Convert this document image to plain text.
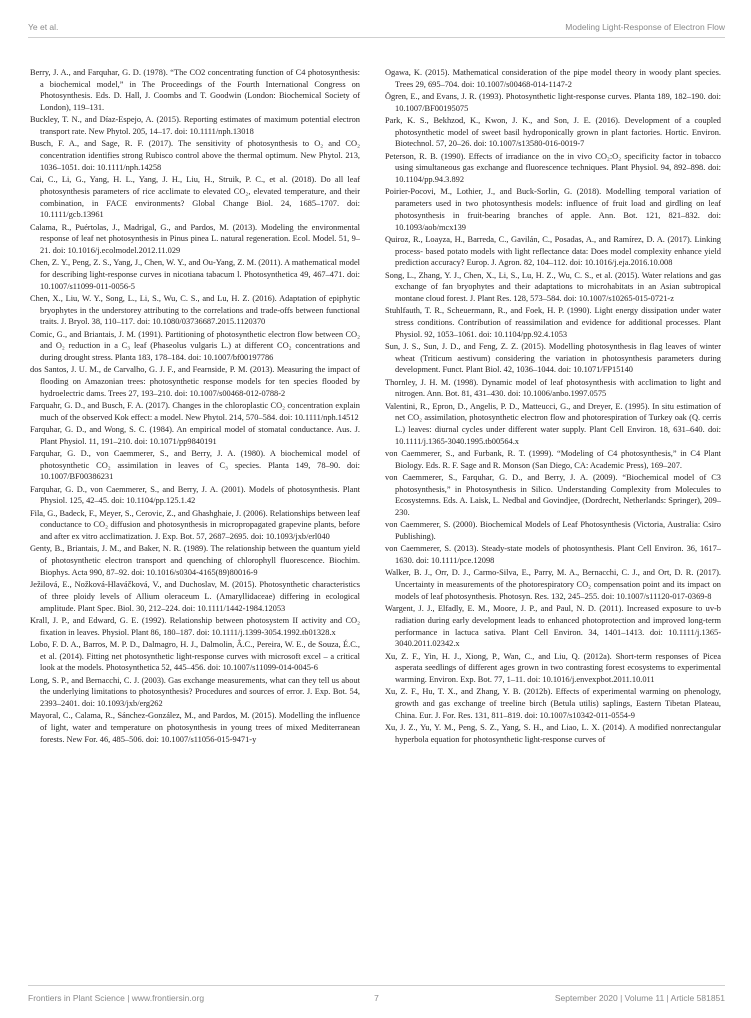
Ye et al.	Modeling Light-Response of Electron Flow

Berry, J. A., and Farquhar, G. D. (1978). “The CO2 concentrating function of C4 photosynthesis: a biochemical model,” in The Proceedings of the Fourth International Congress on Photosynthesis. Eds. D. Hall, J. Coombs and T. Goodwin (London: Biochemical Society of London), 119–131.

Buckley, T. N., and Díaz-Espejo, A. (2015). Reporting estimates of maximum potential electron transport rate. New Phytol. 205, 14–17. doi: 10.1111/nph.13018

Busch, F. A., and Sage, R. F. (2017). The sensitivity of photosynthesis to O₂ and CO₂ concentration identifies strong Rubisco control above the thermal optimum. New Phytol. 213, 1036–1051. doi: 10.1111/nph.14258

Cai, C., Li, G., Yang, H. L., Yang, J. H., Liu, H., Struik, P. C., et al. (2018). Do all leaf photosynthesis parameters of rice acclimate to elevated CO₂, elevated temperature, and their combination, in FACE environments? Global Change Biol. 24, 1685–1707. doi: 10.1111/gcb.13961

Calama, R., Puértolas, J., Madrigal, G., and Pardos, M. (2013). Modeling the environmental response of leaf net photosynthesis in Pinus pinea L. natural regeneration. Ecol. Model. 51, 9–21. doi: 10.1016/j.ecolmodel.2012.11.029

Chen, Z. Y., Peng, Z. S., Yang, J., Chen, W. Y., and Ou-Yang, Z. M. (2011). A mathematical model for describing light-response curves in nicotiana tabacum l. Photosynthetica 49, 467–471. doi: 10.1007/s11099-011-0056-5

Chen, X., Liu, W. Y., Song, L., Li, S., Wu, C. S., and Lu, H. Z. (2016). Adaptation of epiphytic bryophytes in the understorey attributing to the correlations and trade-offs between functional traits. J. Bryol. 38, 110–117. doi: 10.1080/03736687.2015.1120370

Comic, G., and Briantais, J. M. (1991). Partitioning of photosynthetic electron flow between CO₂ and O₂ reduction in a C₃ leaf (Phaseolus vulgaris L.) at different CO₂ concentrations and during drought stress. Planta 183, 178–184. doi: 10.1007/bf00197786

dos Santos, J. U. M., de Carvalho, G. J. F., and Fearnside, P. M. (2013). Measuring the impact of flooding on Amazonian trees: photosynthetic response models for ten species flooded by hydroelectric dams. Trees 27, 193–210. doi: 10.1007/s00468-012-0788-2

Farquahr, G. D., and Busch, F. A. (2017). Changes in the chloroplastic CO₂ concentration explain much of the observed Kok effect: a model. New Phytol. 214, 570–584. doi: 10.1111/nph.14512

Farquhar, G. D., and Wong, S. C. (1984). An empirical model of stomatal conductance. Aus. J. Plant Physiol. 11, 191–210. doi: 10.1071/pp9840191

Farquhar, G. D., von Caemmerer, S., and Berry, J. A. (1980). A biochemical model of photosynthetic CO₂ assimilation in leaves of C₃ species. Planta 149, 78–90. doi: 10.1007/BF00386231

Farquhar, G. D., von Caemmerer, S., and Berry, J. A. (2001). Models of photosynthesis. Plant Physiol. 125, 42–45. doi: 10.1104/pp.125.1.42

Fila, G., Badeck, F., Meyer, S., Cerovic, Z., and Ghashghaie, J. (2006). Relationships between leaf conductance to CO₂ diffusion and photosynthesis in micropropagated grapevine plants, before and after ex vitro acclimatization. J. Exp. Bot. 57, 2687–2695. doi: 10.1093/jxb/erl040

Genty, B., Briantais, J. M., and Baker, N. R. (1989). The relationship between the quantum yield of photosynthetic electron transport and quenching of chlorophyll fluorescence. Biochim. Biophys. Acta 990, 87–92. doi: 10.1016/s0304-4165(89)80016-9

Ježilová, E., Nožková-Hlaváčková, V., and Duchoslav, M. (2015). Photosynthetic characteristics of three ploidy levels of Allium oleraceum L. (Amaryllidaceae) differing in ecological amplitude. Plant Spec. Biol. 30, 212–224. doi: 10.1111/1442-1984.12053

Krall, J. P., and Edward, G. E. (1992). Relationship between photosystem II activity and CO₂ fixation in leaves. Physiol. Plant 86, 180–187. doi: 10.1111/j.1399-3054.1992.tb01328.x

Lobo, F. D. A., Barros, M. P. D., Dalmagro, H. J., Dalmolin, Â.C., Pereira, W. E., de Souza, É.C., et al. (2014). Fitting net photosynthetic light-response curves with microsoft excel – a critical look at the models. Photosynthetica 52, 445–456. doi: 10.1007/s11099-014-0045-6

Long, S. P., and Bernacchi, C. J. (2003). Gas exchange measurements, what can they tell us about the underlying limitations to photosynthesis? Procedures and sources of error. J. Exp. Bot. 54, 2393–2401. doi: 10.1093/jxb/erg262

Mayoral, C., Calama, R., Sánchez-González, M., and Pardos, M. (2015). Modelling the influence of light, water and temperature on photosynthesis in young trees of mixed Mediterranean forests. New For. 46, 485–506. doi: 10.1007/s11056-015-9471-y

Ogawa, K. (2015). Mathematical consideration of the pipe model theory in woody plant species. Trees 29, 695–704. doi: 10.1007/s00468-014-1147-2

Ögren, E., and Evans, J. R. (1993). Photosynthetic light-response curves. Planta 189, 182–190. doi: 10.1007/BF00195075

Park, K. S., Bekhzod, K., Kwon, J. K., and Son, J. E. (2016). Development of a coupled photosynthetic model of sweet basil hydroponically grown in plant factories. Hortic. Environ. Biotechnol. 57, 20–26. doi: 10.1007/s13580-016-0019-7

Peterson, R. B. (1990). Effects of irradiance on the in vivo CO₂:O₂ specificity factor in tobacco using simultaneous gas exchange and fluorescence techniques. Plant Physiol. 94, 892–898. doi: 10.1104/pp.94.3.892

Poirier-Pocovi, M., Lothier, J., and Buck-Sorlin, G. (2018). Modelling temporal variation of parameters used in two photosynthesis models: influence of fruit load and girdling on leaf photosynthesis in fruit-bearing branches of apple. Ann. Bot. 121, 821–832. doi: 10.1093/aob/mcx139

Quiroz, R., Loayza, H., Barreda, C., Gavilán, C., Posadas, A., and Ramírez, D. A. (2017). Linking process- based potato models with light reflectance data: Does model complexity enhance yield prediction accuracy? Europ. J. Agron. 82, 104–112. doi: 10.1016/j.eja.2016.10.008

Song, L., Zhang, Y. J., Chen, X., Li, S., Lu, H. Z., Wu, C. S., et al. (2015). Water relations and gas exchange of fan bryophytes and their adaptations to microhabitats in an Asian subtropical montane cloud forest. J. Plant Res. 128, 573–584. doi: 10.1007/s10265-015-0721-z

Stuhlfauth, T. R., Scheuermann, R., and Foek, H. P. (1990). Light energy dissipation under water stress conditions. Contribution of reassimilation and evidence for additional processes. Plant Physiol. 92, 1053–1061. doi: 10.1104/pp.92.4.1053

Sun, J. S., Sun, J. D., and Feng, Z. Z. (2015). Modelling photosynthesis in flag leaves of winter wheat (Triticum aestivum) considering the variation in photosynthesis parameters during development. Funct. Plant Biol. 42, 1036–1044. doi: 10.1071/FP15140

Thornley, J. H. M. (1998). Dynamic model of leaf photosynthesis with acclimation to light and nitrogen. Ann. Bot. 81, 431–430. doi: 10.1006/anbo.1997.0575

Valentini, R., Epron, D., Angelis, P. D., Matteucci, G., and Dreyer, E. (1995). In situ estimation of net CO₂ assimilation, photosynthetic electron flow and photorespiration of Turkey oak (Q. cerris L.) leaves: diurnal cycles under different water supply. Plant Cell Environ. 18, 631–640. doi: 10.1111/j.1365-3040.1995.tb00564.x

von Caemmerer, S., and Furbank, R. T. (1999). “Modeling of C4 photosynthesis,” in C4 Plant Biology. Eds. R. F. Sage and R. Monson (San Diego, CA: Academic Press), 169–207.

von Caemmerer, S., Farquhar, G. D., and Berry, J. A. (2009). “Biochemical model of C3 photosynthesis,” in Photosynthesis in Silico. Understanding Complexity from Molecules to Ecosystemns. Eds. A. Laisk, L. Nedbal and Govindjee, (Dordrecht, Netherlands: Springer), 209–230.

von Caemmerer, S. (2000). Biochemical Models of Leaf Photosynthesis (Victoria, Australia: Csiro Publishing).

von Caemmerer, S. (2013). Steady-state models of photosynthesis. Plant Cell Environ. 36, 1617–1630. doi: 10.1111/pce.12098

Walker, B. J., Orr, D. J., Carmo-Silva, E., Parry, M. A., Bernacchi, C. J., and Ort, D. R. (2017). Uncertainty in measurements of the photorespiratory CO₂ compensation point and its impact on models of leaf photosynthesis. Photosyn. Res. 132, 245–255. doi: 10.1007/s11120-017-0369-8

Wargent, J. J., Elfadly, E. M., Moore, J. P., and Paul, N. D. (2011). Increased exposure to uv-b radiation during early development leads to enhanced photoprotection and improved long-term performance in lactuca sativa. Plant Cell Environ. 34, 1401–1413. doi: 10.1111/j.1365-3040.2011.02342.x

Xu, Z. F., Yin, H. J., Xiong, P., Wan, C., and Liu, Q. (2012a). Short-term responses of Picea asperata seedlings of different ages grown in two contrasting forest ecosystems to experimental warming. Environ. Exp. Bot. 77, 1–11. doi: 10.1016/j.envexpbot.2011.10.011

Xu, Z. F., Hu, T. X., and Zhang, Y. B. (2012b). Effects of experimental warming on phenology, growth and gas exchange of treeline birch (Betula utilis) saplings, Eastern Tibetan Plateau, China. Eur. J. For. Res. 131, 811–819. doi: 10.1007/s10342-011-0554-9

Xu, J. Z., Yu, Y. M., Peng, S. Z., Yang, S. H., and Liao, L. X. (2014). A modified nonrectangular hyperbola equation for photosynthetic light-response curves of

Frontiers in Plant Science | www.frontiersin.org	7	September 2020 | Volume 11 | Article 581851
